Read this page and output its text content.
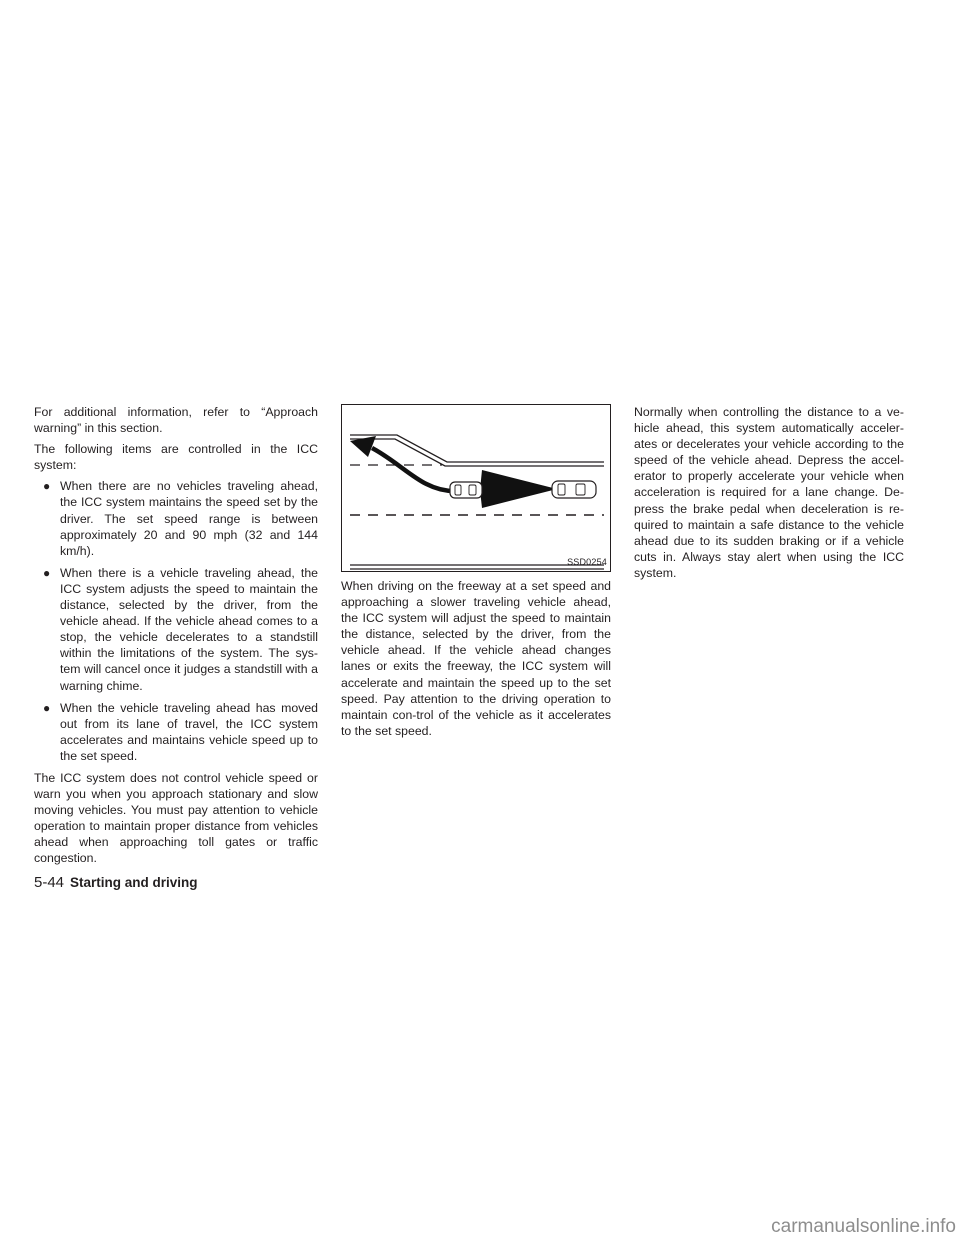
For additional information, refer to “Approach warning” in this section.

The following items are controlled in the ICC system:

● When there are no vehicles traveling ahead, the ICC system maintains the speed set by the driver. The set speed range is between approximately 20 and 90 mph (32 and 144 km/h).
● When there is a vehicle traveling ahead, the ICC system adjusts the speed to maintain the distance, selected by the driver, from the vehicle ahead. If the vehicle ahead comes to a stop, the vehicle decelerates to a standstill within the limitations of the system. The sys-tem will cancel once it judges a standstill with a warning chime.
● When the vehicle traveling ahead has moved out from its lane of travel, the ICC system accelerates and maintains vehicle speed up to the set speed.

The ICC system does not control vehicle speed or warn you when you approach stationary and slow moving vehicles. You must pay attention to vehicle operation to maintain proper distance from vehicles ahead when approaching toll gates or traffic congestion.

SSD0254

When driving on the freeway at a set speed and approaching a slower traveling vehicle ahead, the ICC system will adjust the speed to maintain the distance, selected by the driver, from the vehicle ahead. If the vehicle ahead changes lanes or exits the freeway, the ICC system will accelerate and maintain the speed up to the set speed. Pay attention to the driving operation to maintain con-trol of the vehicle as it accelerates to the set speed.

Normally when controlling the distance to a ve-hicle ahead, this system automatically acceler-ates or decelerates your vehicle according to the speed of the vehicle ahead. Depress the accel-erator to properly accelerate your vehicle when acceleration is required for a lane change. De-press the brake pedal when deceleration is re-quired to maintain a safe distance to the vehicle ahead due to its sudden braking or if a vehicle cuts in. Always stay alert when using the ICC system.

5-44 Starting and driving
carmanualsonline.info
